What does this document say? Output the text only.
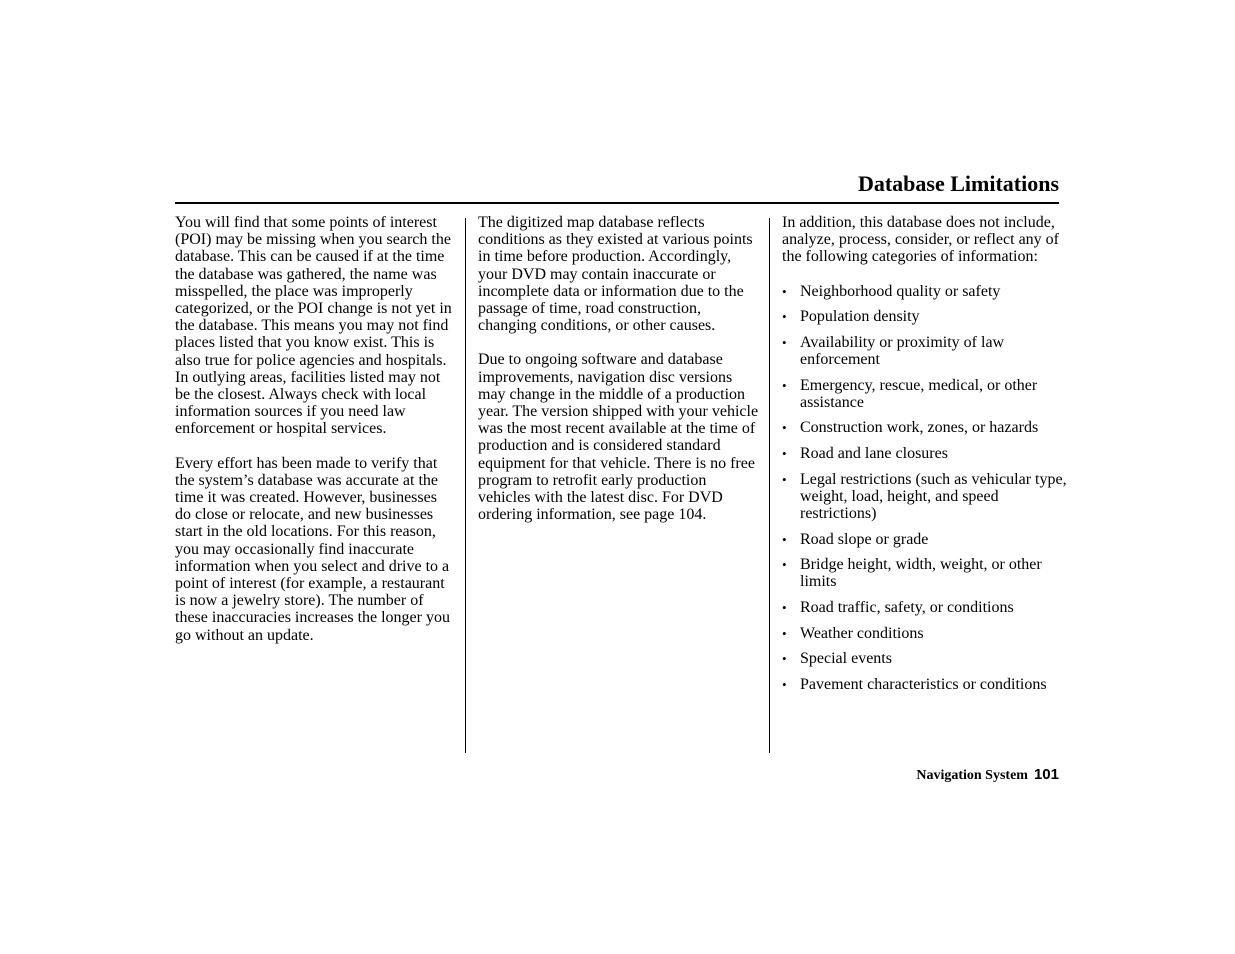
Database Limitations

You will find that some points of interest (POI) may be missing when you search the database. This can be caused if at the time the database was gathered, the name was misspelled, the place was improperly categorized, or the POI change is not yet in the database. This means you may not find places listed that you know exist. This is also true for police agencies and hospitals. In outlying areas, facilities listed may not be the closest. Always check with local information sources if you need law enforcement or hospital services.

Every effort has been made to verify that the system’s database was accurate at the time it was created. However, businesses do close or relocate, and new businesses start in the old locations. For this reason, you may occasionally find inaccurate information when you select and drive to a point of interest (for example, a restaurant is now a jewelry store). The number of these inaccuracies increases the longer you go without an update.

The digitized map database reflects conditions as they existed at various points in time before production. Accordingly, your DVD may contain inaccurate or incomplete data or information due to the passage of time, road construction, changing conditions, or other causes.

Due to ongoing software and database improvements, navigation disc versions may change in the middle of a production year. The version shipped with your vehicle was the most recent available at the time of production and is considered standard equipment for that vehicle. There is no free program to retrofit early production vehicles with the latest disc. For DVD ordering information, see page 104.

In addition, this database does not include, analyze, process, consider, or reflect any of the following categories of information:

• Neighborhood quality or safety
• Population density
• Availability or proximity of law enforcement
• Emergency, rescue, medical, or other assistance
• Construction work, zones, or hazards
• Road and lane closures
• Legal restrictions (such as vehicular type, weight, load, height, and speed restrictions)
• Road slope or grade
• Bridge height, width, weight, or other limits
• Road traffic, safety, or conditions
• Weather conditions
• Special events
• Pavement characteristics or conditions
Navigation System 101
